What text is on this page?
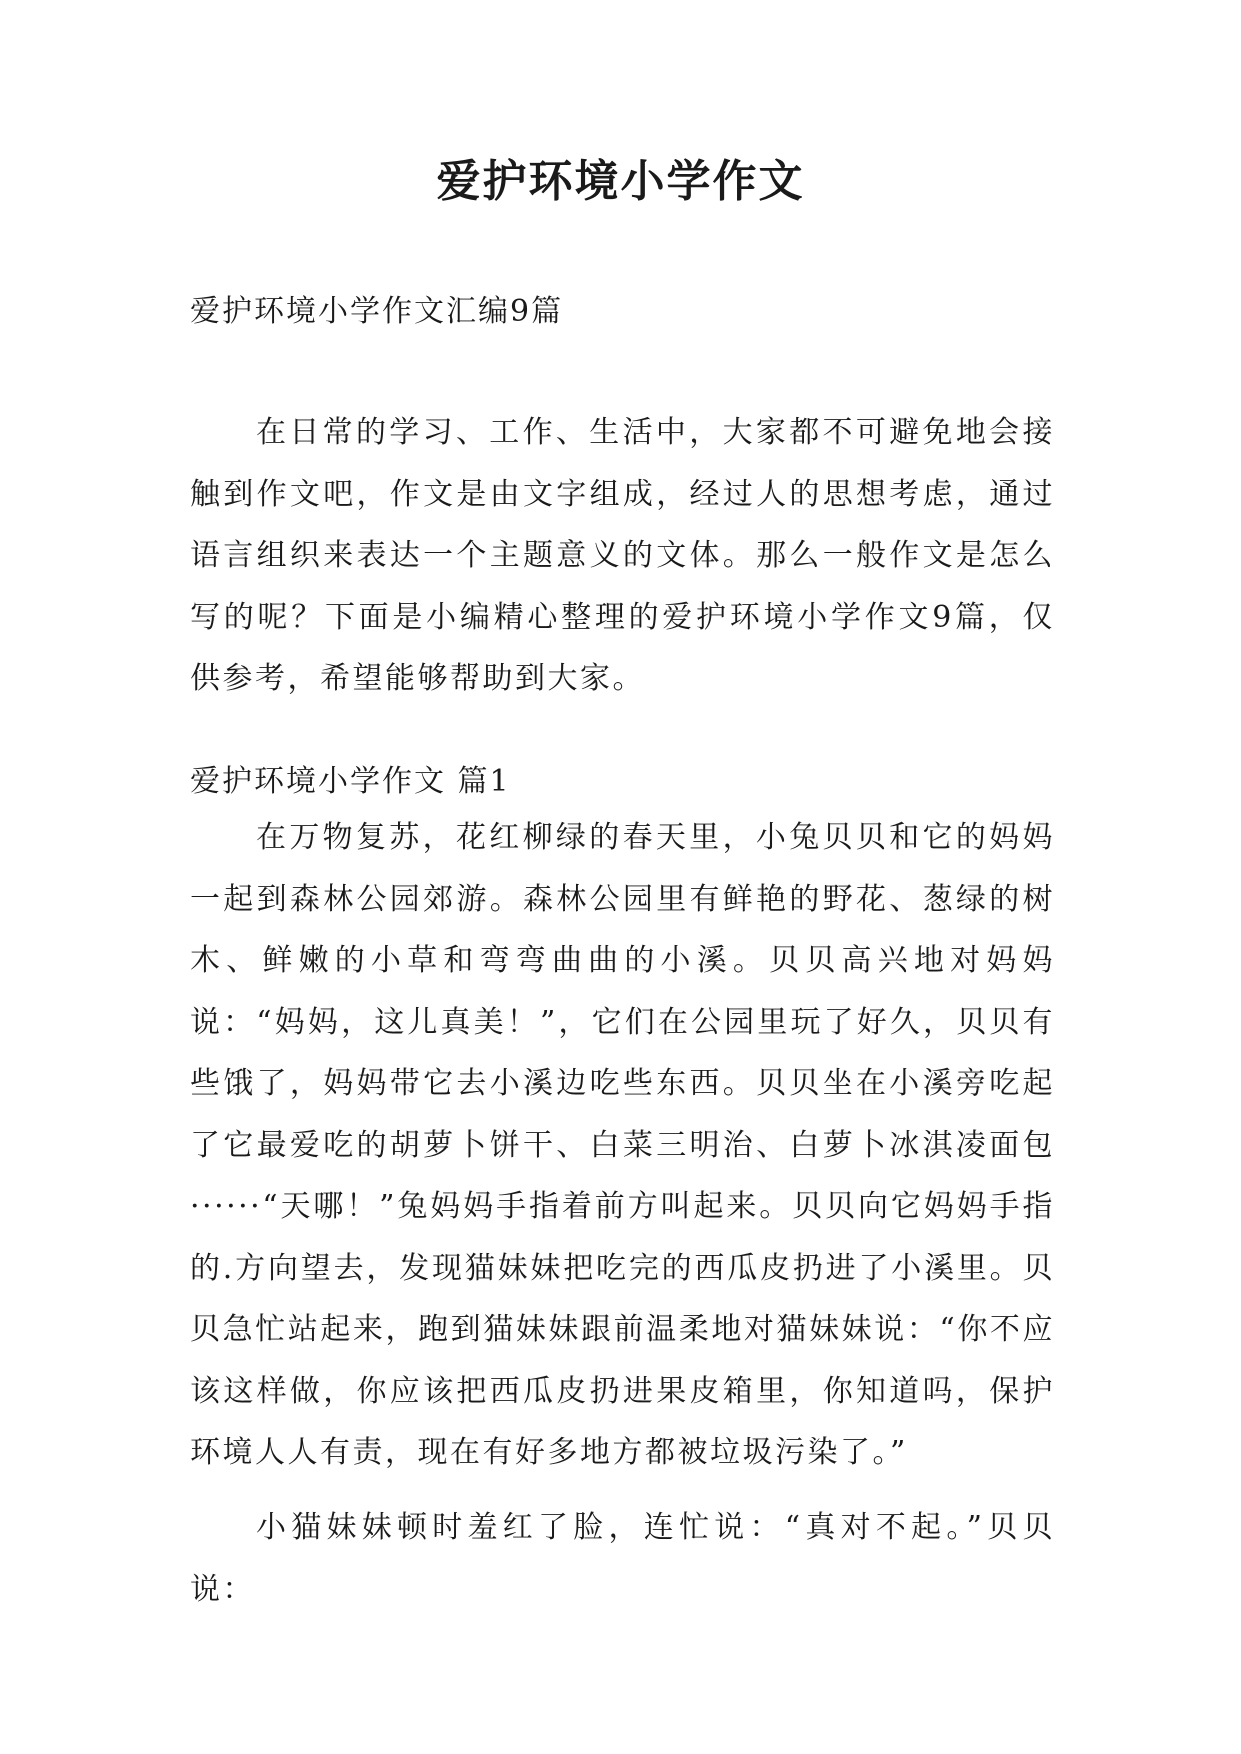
爱护环境小学作文

爱护环境小学作文汇编9篇

在日常的学习、工作、生活中，大家都不可避免地会接触到作文吧，作文是由文字组成，经过人的思想考虑，通过语言组织来表达一个主题意义的文体。那么一般作文是怎么写的呢？下面是小编精心整理的爱护环境小学作文9篇，仅供参考，希望能够帮助到大家。

爱护环境小学作文 篇1

在万物复苏，花红柳绿的春天里，小兔贝贝和它的妈妈一起到森林公园郊游。森林公园里有鲜艳的野花、葱绿的树木、鲜嫩的小草和弯弯曲曲的小溪。贝贝高兴地对妈妈说：“妈妈，这儿真美！”，它们在公园里玩了好久，贝贝有些饿了，妈妈带它去小溪边吃些东西。贝贝坐在小溪旁吃起了它最爱吃的胡萝卜饼干、白菜三明治、白萝卜冰淇凌面包······“天哪！”兔妈妈手指着前方叫起来。贝贝向它妈妈手指的.方向望去，发现猫妹妹把吃完的西瓜皮扔进了小溪里。贝贝急忙站起来，跑到猫妹妹跟前温柔地对猫妹妹说：“你不应该这样做，你应该把西瓜皮扔进果皮箱里，你知道吗，保护环境人人有责，现在有好多地方都被垃圾污染了。”

小猫妹妹顿时羞红了脸，连忙说：“真对不起。”贝贝说：
